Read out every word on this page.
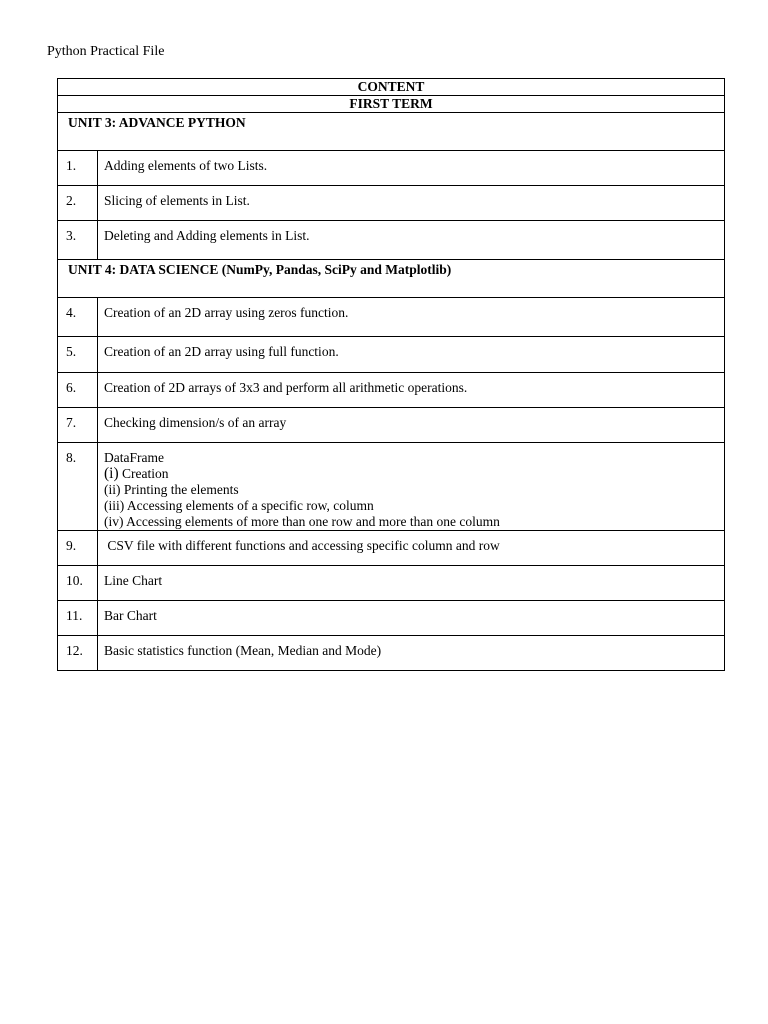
Python Practical File
CONTENT	
FIRST TERM	
UNIT 3: ADVANCE PYTHON	
1.	Adding elements of two Lists.
2.	Slicing of elements in List.
3.	Deleting and Adding elements in List.
UNIT 4: DATA SCIENCE (NumPy, Pandas, SciPy and Matplotlib)	
4.	Creation of an 2D array using zeros function.
5.	Creation of an 2D array using full function.
6.	Creation of 2D arrays of 3x3 and perform all arithmetic operations.
7.	Checking dimension/s of an array
8.	DataFrame
(i) Creation
(ii) Printing the elements
(iii) Accessing elements of a specific row, column
(iv) Accessing elements of more than one row and more than one column

9.	CSV file with different functions and accessing specific column and row
10.	Line Chart
11.	Bar Chart
12.	Basic statistics function (Mean, Median and Mode)
